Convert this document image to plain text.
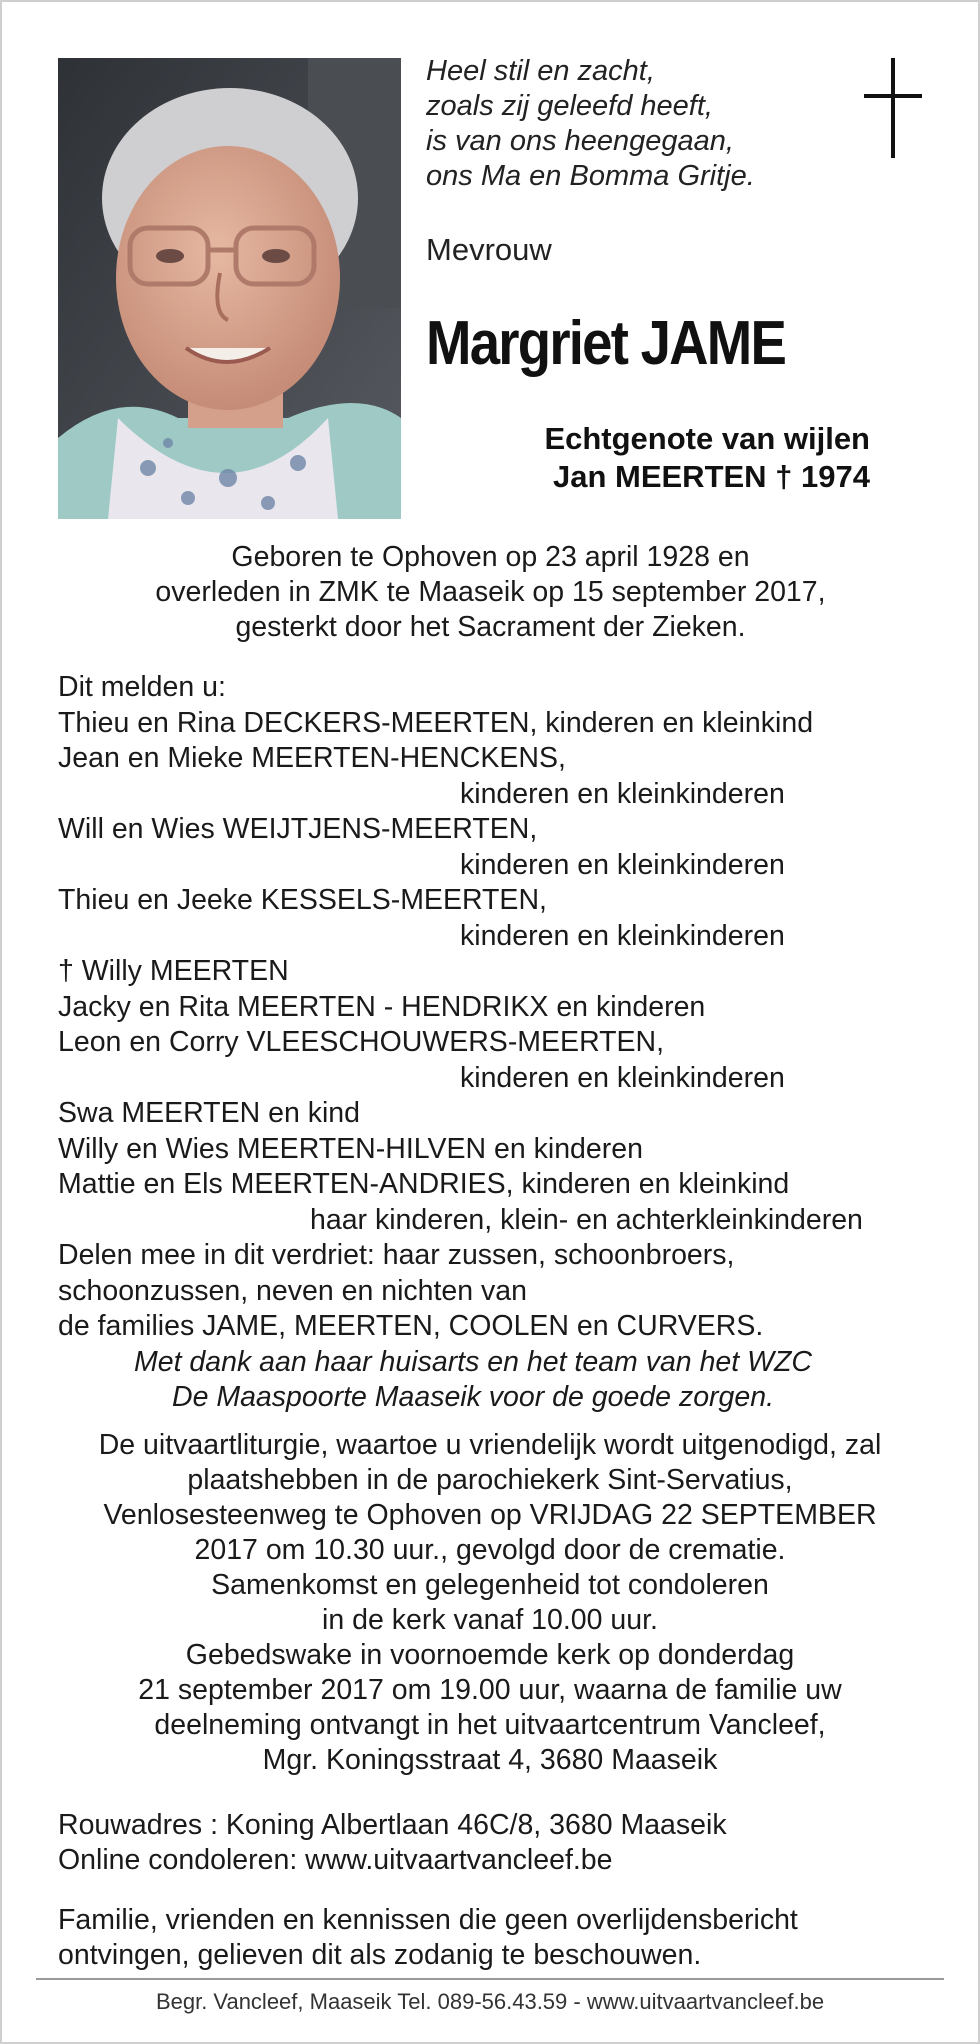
Heel stil en zacht,
zoals zij geleefd heeft,
is van ons heengegaan,
ons Ma en Bomma Gritje.
Mevrouw
Margriet JAME
Echtgenote van wijlen
Jan MEERTEN † 1974
Geboren te Ophoven op 23 april 1928 en
overleden in ZMK te Maaseik op 15 september 2017,
gesterkt door het Sacrament der Zieken.
Dit melden u:
Thieu en Rina DECKERS-MEERTEN, kinderen en kleinkind
Jean en Mieke MEERTEN-HENCKENS,
kinderen en kleinkinderen
Will en Wies WEIJTJENS-MEERTEN,
kinderen en kleinkinderen
Thieu en Jeeke KESSELS-MEERTEN,
kinderen en kleinkinderen
† Willy MEERTEN
Jacky en Rita MEERTEN - HENDRIKX en kinderen
Leon en Corry VLEESCHOUWERS-MEERTEN,
kinderen en kleinkinderen
Swa MEERTEN en kind
Willy en Wies MEERTEN-HILVEN en kinderen
Mattie en Els MEERTEN-ANDRIES, kinderen en kleinkind
haar kinderen, klein- en achterkleinkinderen
Delen mee in dit verdriet: haar zussen, schoonbroers,
schoonzussen, neven en nichten van
de families JAME, MEERTEN, COOLEN en CURVERS.
Met dank aan haar huisarts en het team van het WZC
De Maaspoorte Maaseik voor de goede zorgen.
De uitvaartliturgie, waartoe u vriendelijk wordt uitgenodigd, zal
plaatshebben in de parochiekerk Sint-Servatius,
Venlosesteenweg te Ophoven op VRIJDAG 22 SEPTEMBER
2017 om 10.30 uur., gevolgd door de crematie.
Samenkomst en gelegenheid tot condoleren
in de kerk vanaf 10.00 uur.
Gebedswake in voornoemde kerk op donderdag
21 september 2017 om 19.00 uur, waarna de familie uw
deelneming ontvangt in het uitvaartcentrum Vancleef,
Mgr. Koningsstraat 4, 3680 Maaseik
Rouwadres : Koning Albertlaan 46C/8, 3680 Maaseik
Online condoleren: www.uitvaartvancleef.be
Familie, vrienden en kennissen die geen overlijdensbericht
ontvingen, gelieven dit als zodanig te beschouwen.
Begr. Vancleef, Maaseik Tel. 089-56.43.59 - www.uitvaartvancleef.be
